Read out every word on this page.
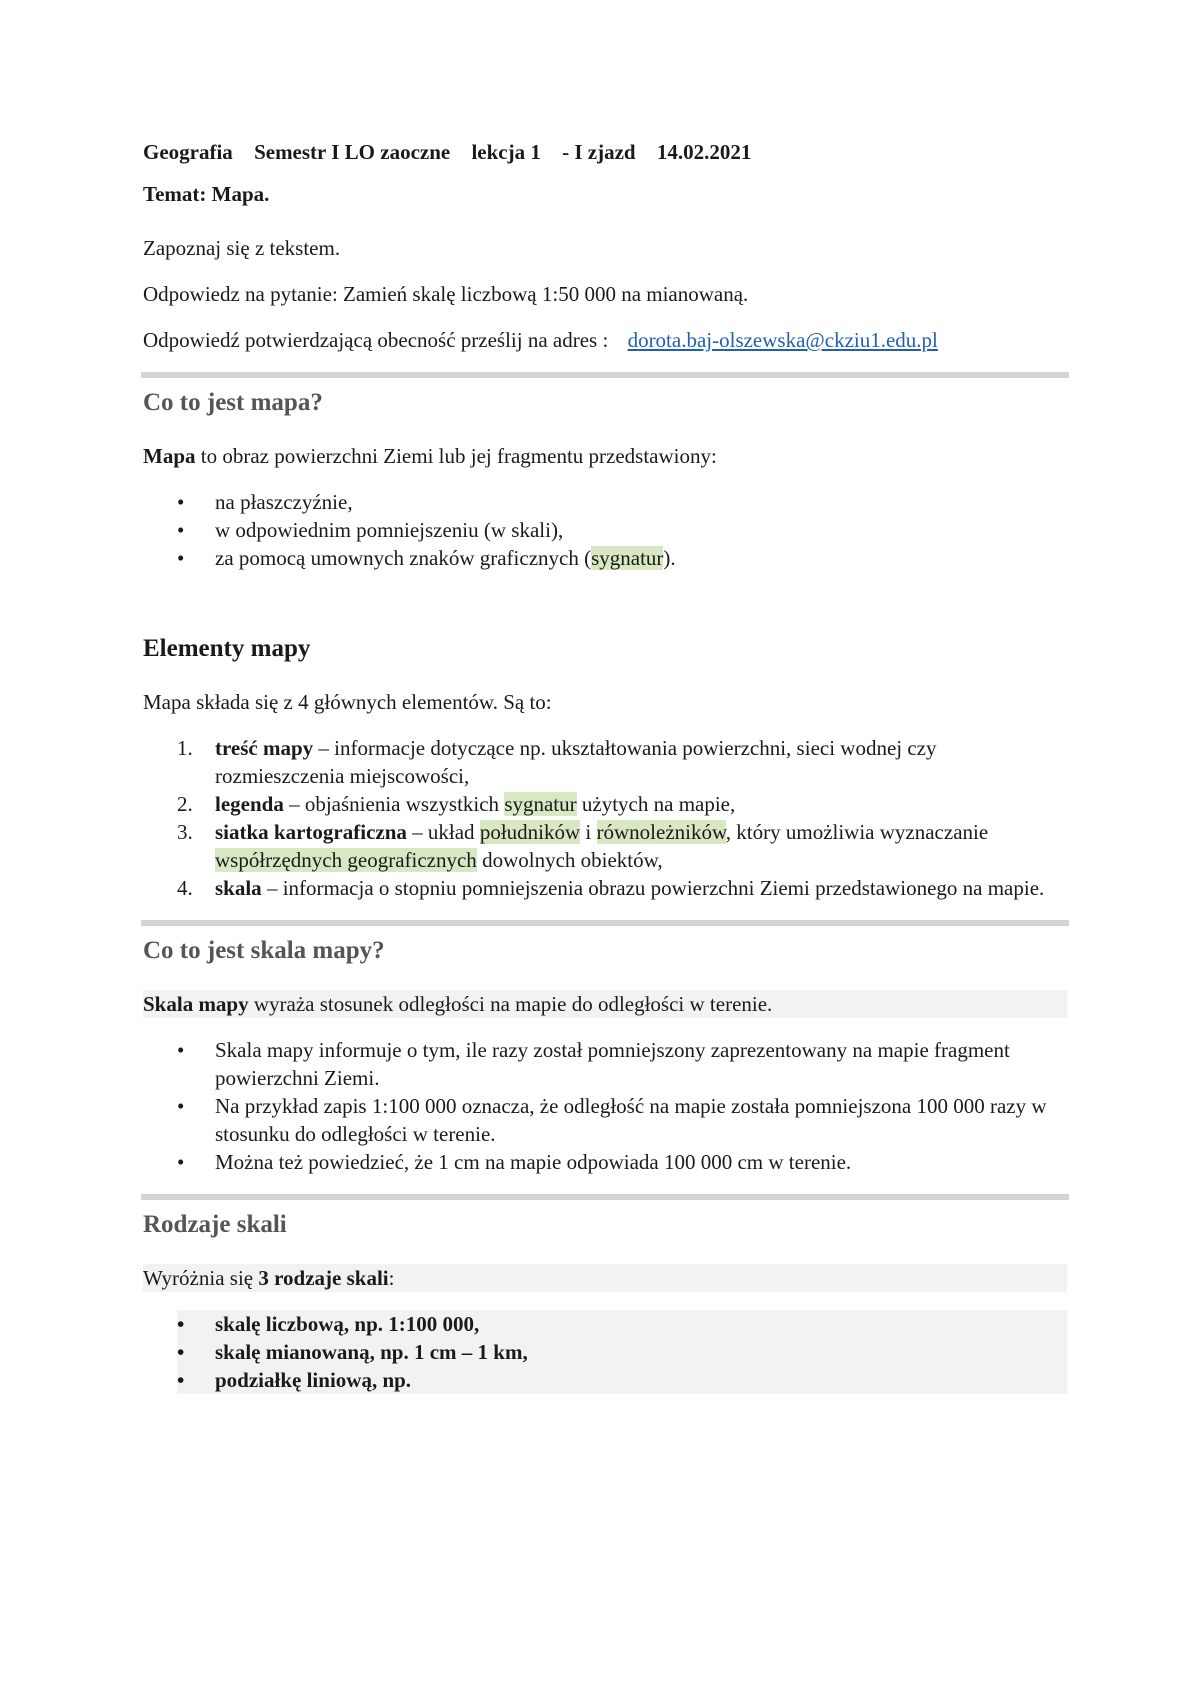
Geografia Semestr I LO zaoczne lekcja 1 - I zjazd 14.02.2021
Temat: Mapa.

Zapoznaj się z tekstem.

Odpowiedz na pytanie: Zamień skalę liczbową 1:50 000 na mianowaną.

Odpowiedź potwierdzającą obecność prześlij na adres : dorota.baj-olszewska@ckziu1.edu.pl

Co to jest mapa?

Mapa to obraz powierzchni Ziemi lub jej fragmentu przedstawiony:

• na płaszczyźnie,
• w odpowiednim pomniejszeniu (w skali),
• za pomocą umownych znaków graficznych (sygnatur).
Elementy mapy

Mapa składa się z 4 głównych elementów. Są to:

1. treść mapy – informacje dotyczące np. ukształtowania powierzchni, sieci wodnej czy rozmieszczenia miejscowości,
2. legenda – objaśnienia wszystkich sygnatur użytych na mapie,
3. siatka kartograficzna – układ południków i równoleżników, który umożliwia wyznaczanie współrzędnych geograficznych dowolnych obiektów,
4. skala – informacja o stopniu pomniejszenia obrazu powierzchni Ziemi przedstawionego na mapie.
Co to jest skala mapy?

Skala mapy wyraża stosunek odległości na mapie do odległości w terenie.

• Skala mapy informuje o tym, ile razy został pomniejszony zaprezentowany na mapie fragment powierzchni Ziemi.
• Na przykład zapis 1:100 000 oznacza, że odległość na mapie została pomniejszona 100 000 razy w stosunku do odległości w terenie.
• Można też powiedzieć, że 1 cm na mapie odpowiada 100 000 cm w terenie.
Rodzaje skali

Wyróżnia się 3 rodzaje skali:

• skalę liczbową, np. 1:100 000,
• skalę mianowaną, np. 1 cm – 1 km,
• podziałkę liniową, np.
